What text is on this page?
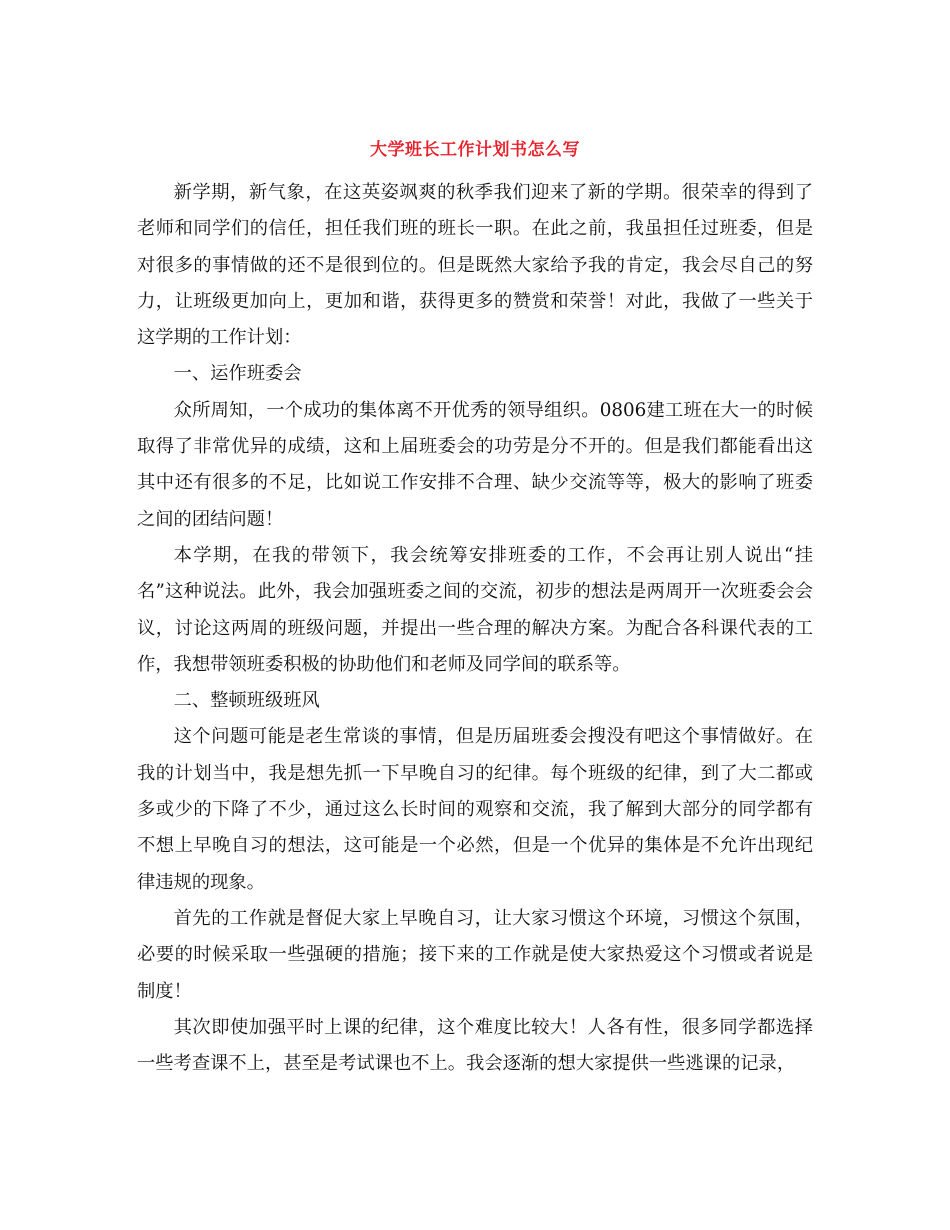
大学班长工作计划书怎么写

新学期，新气象，在这英姿飒爽的秋季我们迎来了新的学期。很荣幸的得到了老师和同学们的信任，担任我们班的班长一职。在此之前，我虽担任过班委，但是对很多的事情做的还不是很到位的。但是既然大家给予我的肯定，我会尽自己的努力，让班级更加向上，更加和谐，获得更多的赞赏和荣誉！对此，我做了一些关于这学期的工作计划：

一、运作班委会

众所周知，一个成功的集体离不开优秀的领导组织。0806建工班在大一的时候取得了非常优异的成绩，这和上届班委会的功劳是分不开的。但是我们都能看出这其中还有很多的不足，比如说工作安排不合理、缺少交流等等，极大的影响了班委之间的团结问题！

本学期，在我的带领下，我会统筹安排班委的工作，不会再让别人说出“挂名”这种说法。此外，我会加强班委之间的交流，初步的想法是两周开一次班委会会议，讨论这两周的班级问题，并提出一些合理的解决方案。为配合各科课代表的工作，我想带领班委积极的协助他们和老师及同学间的联系等。

二、整顿班级班风

这个问题可能是老生常谈的事情，但是历届班委会搜没有吧这个事情做好。在我的计划当中，我是想先抓一下早晚自习的纪律。每个班级的纪律，到了大二都或多或少的下降了不少，通过这么长时间的观察和交流，我了解到大部分的同学都有不想上早晚自习的想法，这可能是一个必然，但是一个优异的集体是不允许出现纪律违规的现象。

首先的工作就是督促大家上早晚自习，让大家习惯这个环境，习惯这个氛围，必要的时候采取一些强硬的措施；接下来的工作就是使大家热爱这个习惯或者说是制度！

其次即使加强平时上课的纪律，这个难度比较大！人各有性，很多同学都选择一些考查课不上，甚至是考试课也不上。我会逐渐的想大家提供一些逃课的记录，
